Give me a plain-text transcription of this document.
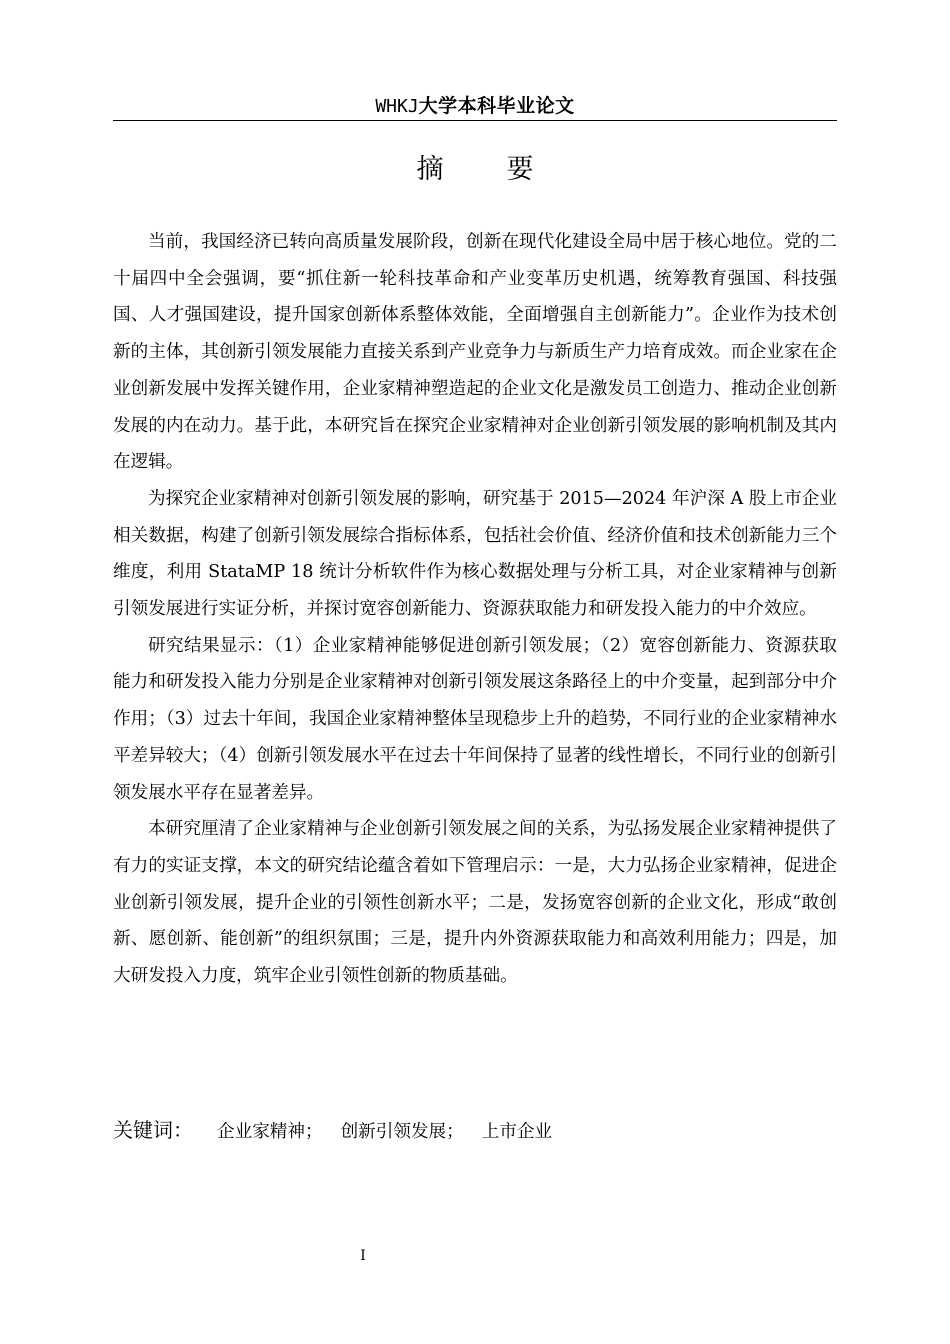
WHKJ大学本科毕业论文
摘　要

当前，我国经济已转向高质量发展阶段，创新在现代化建设全局中居于核心地位。党的二十届四中全会强调，要“抓住新一轮科技革命和产业变革历史机遇，统筹教育强国、科技强国、人才强国建设，提升国家创新体系整体效能，全面增强自主创新能力”。企业作为技术创新的主体，其创新引领发展能力直接关系到产业竞争力与新质生产力培育成效。而企业家在企业创新发展中发挥关键作用，企业家精神塑造起的企业文化是激发员工创造力、推动企业创新发展的内在动力。基于此，本研究旨在探究企业家精神对企业创新引领发展的影响机制及其内在逻辑。

为探究企业家精神对创新引领发展的影响，研究基于 2015—2024 年沪深 A 股上市企业相关数据，构建了创新引领发展综合指标体系，包括社会价值、经济价值和技术创新能力三个维度，利用 StataMP 18 统计分析软件作为核心数据处理与分析工具，对企业家精神与创新引领发展进行实证分析，并探讨宽容创新能力、资源获取能力和研发投入能力的中介效应。

研究结果显示：（1）企业家精神能够促进创新引领发展；（2）宽容创新能力、资源获取能力和研发投入能力分别是企业家精神对创新引领发展这条路径上的中介变量，起到部分中介作用；（3）过去十年间，我国企业家精神整体呈现稳步上升的趋势，不同行业的企业家精神水平差异较大；（4）创新引领发展水平在过去十年间保持了显著的线性增长，不同行业的创新引领发展水平存在显著差异。

本研究厘清了企业家精神与企业创新引领发展之间的关系，为弘扬发展企业家精神提供了有力的实证支撑，本文的研究结论蕴含着如下管理启示：一是，大力弘扬企业家精神，促进企业创新引领发展，提升企业的引领性创新水平；二是，发扬宽容创新的企业文化，形成“敢创新、愿创新、能创新”的组织氛围；三是，提升内外资源获取能力和高效利用能力；四是，加大研发投入力度，筑牢企业引领性创新的物质基础。

关键词： 企业家精神； 创新引领发展； 上市企业
I
